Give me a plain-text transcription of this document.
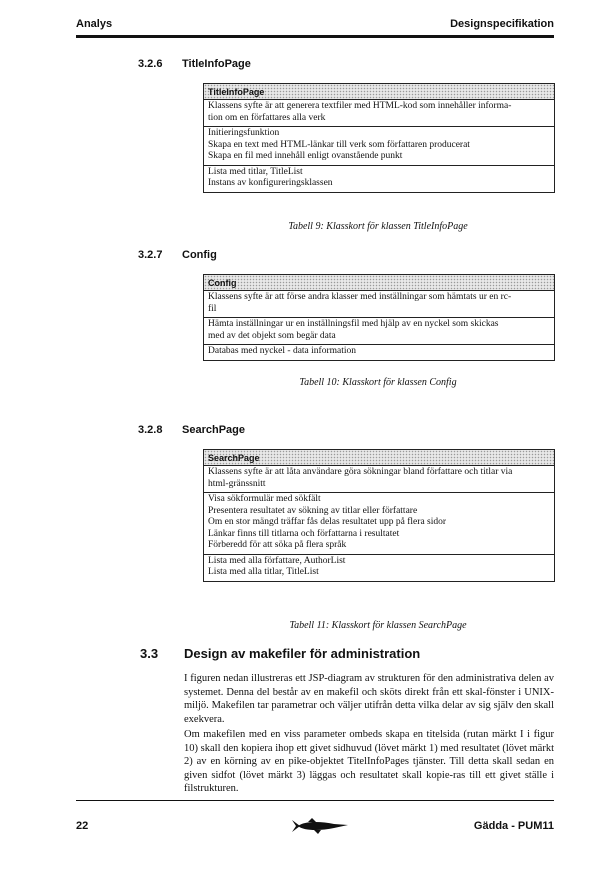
Analys	Designspecifikation
3.2.6 TitleInfoPage
TitleInfoPage
Klassens syfte är att generera textfiler med HTML-kod som innehåller informa-
tion om en författares alla verk
Initieringsfunktion
Skapa en text med HTML-länkar till verk som författaren producerat
Skapa en fil med innehåll enligt ovanstående punkt
Lista med titlar, TitleList
Instans av konfigureringsklassen
Tabell 9: Klasskort för klassen TitleInfoPage
3.2.7 Config
Config
Klassens syfte är att förse andra klasser med inställningar som hämtats ur en rc-
fil
Hämta inställningar ur en inställningsfil med hjälp av en nyckel som skickas
med av det objekt som begär data
Databas med nyckel - data information
Tabell 10: Klasskort för klassen Config
3.2.8 SearchPage
SearchPage
Klassens syfte är att låta användare göra sökningar bland författare och titlar via
html-gränssnitt
Visa sökformulär med sökfält
Presentera resultatet av sökning av titlar eller författare
Om en stor mängd träffar fås delas resultatet upp på flera sidor
Länkar finns till titlarna och författarna i resultatet
Förberedd för att söka på flera språk
Lista med alla författare, AuthorList
Lista med alla titlar, TitleList
Tabell 11: Klasskort för klassen SearchPage
3.3 Design av makefiler för administration
I figuren nedan illustreras ett JSP-diagram av strukturen för den administrativa delen av systemet. Denna del består av en makefil och sköts direkt från ett skal-fönster i UNIX-miljö. Makefilen tar parametrar och väljer utifrån detta vilka delar av sig själv den skall exekvera.
Om makefilen med en viss parameter ombeds skapa en titelsida (rutan märkt I i figur 10) skall den kopiera ihop ett givet sidhuvud (lövet märkt 1) med resultatet (lövet märkt 2) av en körning av en pike-objektet TitelInfoPages tjänster. Till detta skall sedan en given sidfot (lövet märkt 3) läggas och resultatet skall kopie-ras till ett givet ställe i filstrukturen.
22	Gädda - PUM11
